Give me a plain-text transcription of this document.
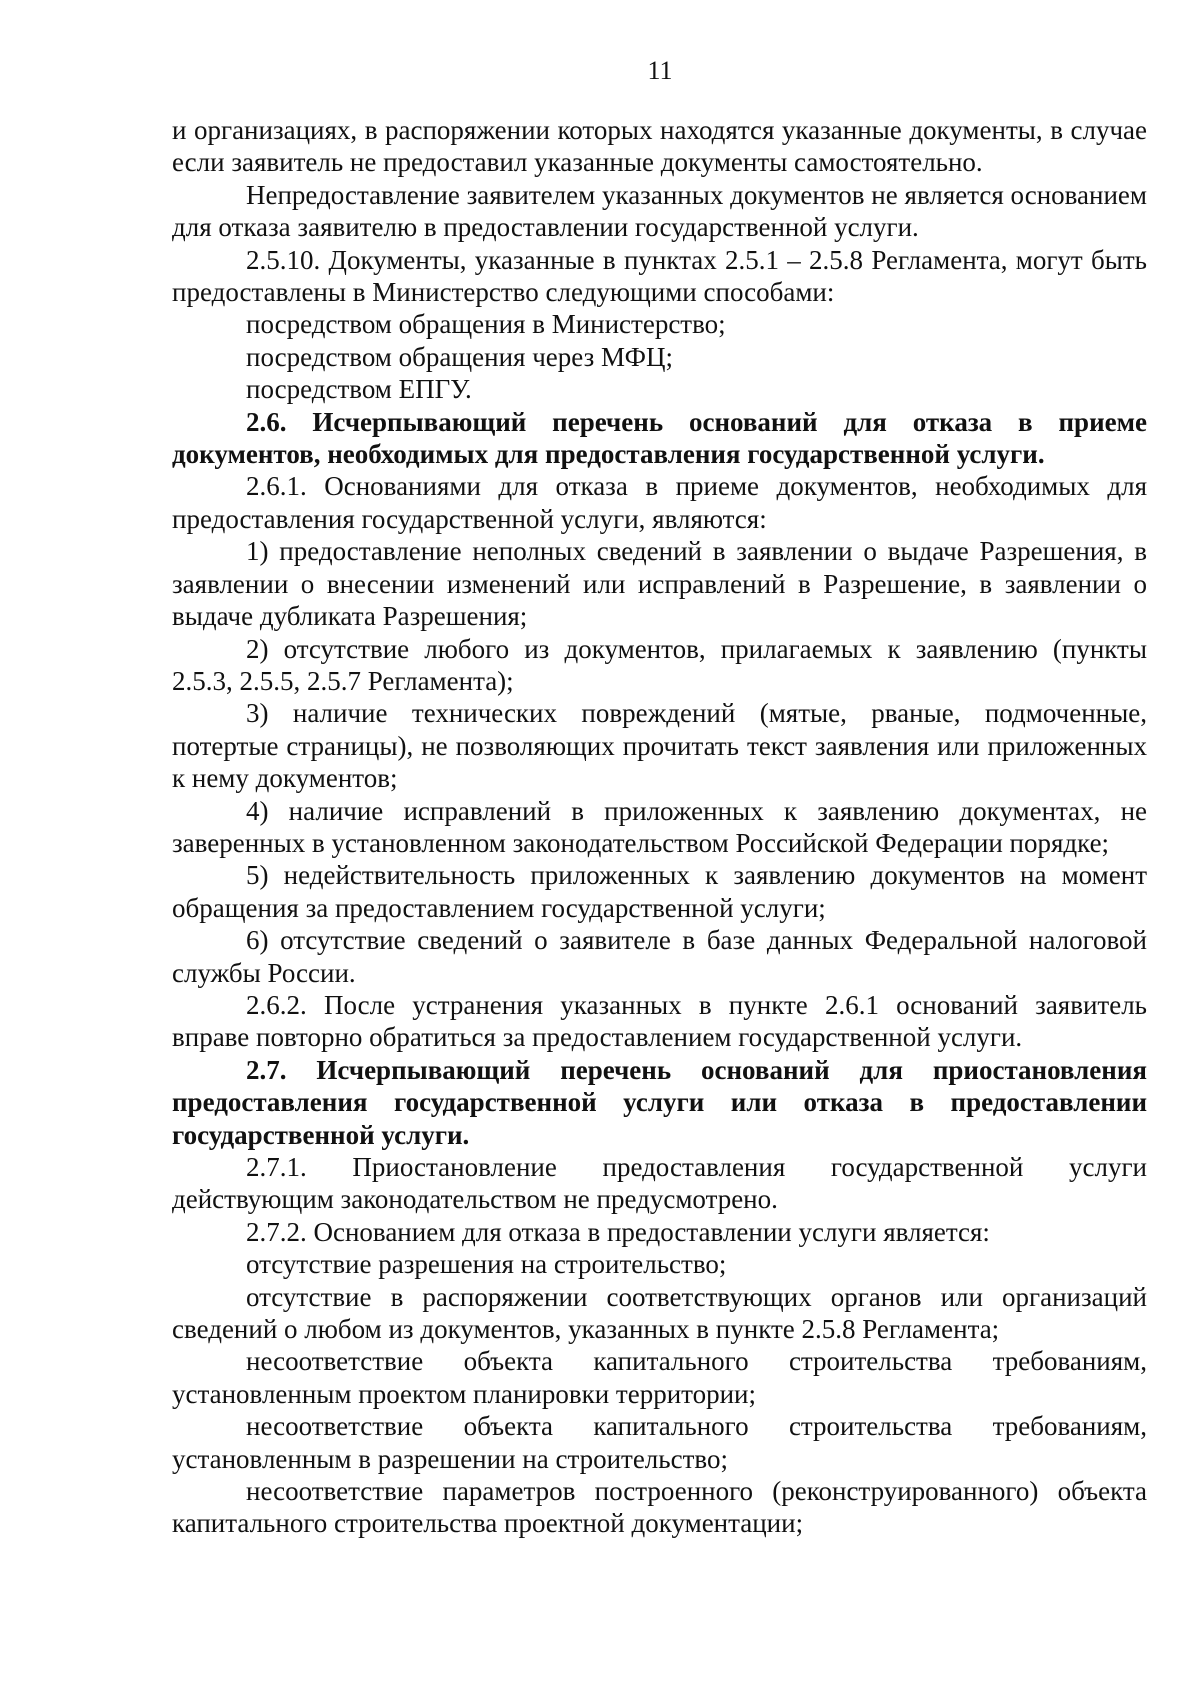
11

и организациях, в распоряжении которых находятся указанные документы, в случае если заявитель не предоставил указанные документы самостоятельно.

Непредоставление заявителем указанных документов не является основанием для отказа заявителю в предоставлении государственной услуги.

2.5.10. Документы, указанные в пунктах 2.5.1 – 2.5.8 Регламента, могут быть предоставлены в Министерство следующими способами:

посредством обращения в Министерство;

посредством обращения через МФЦ;

посредством ЕПГУ.

2.6. Исчерпывающий перечень оснований для отказа в приеме документов, необходимых для предоставления государственной услуги.

2.6.1. Основаниями для отказа в приеме документов, необходимых для предоставления государственной услуги, являются:

1) предоставление неполных сведений в заявлении о выдаче Разрешения, в заявлении о внесении изменений или исправлений в Разрешение, в заявлении о выдаче дубликата Разрешения;

2) отсутствие любого из документов, прилагаемых к заявлению (пункты 2.5.3, 2.5.5, 2.5.7 Регламента);

3) наличие технических повреждений (мятые, рваные, подмоченные, потертые страницы), не позволяющих прочитать текст заявления или приложенных к нему документов;

4) наличие исправлений в приложенных к заявлению документах, не заверенных в установленном законодательством Российской Федерации порядке;

5) недействительность приложенных к заявлению документов на момент обращения за предоставлением государственной услуги;

6) отсутствие сведений о заявителе в базе данных Федеральной налоговой службы России.

2.6.2. После устранения указанных в пункте 2.6.1 оснований заявитель вправе повторно обратиться за предоставлением государственной услуги.

2.7. Исчерпывающий перечень оснований для приостановления предоставления государственной услуги или отказа в предоставлении государственной услуги.

2.7.1. Приостановление предоставления государственной услуги действующим законодательством не предусмотрено.

2.7.2. Основанием для отказа в предоставлении услуги является:

отсутствие разрешения на строительство;

отсутствие в распоряжении соответствующих органов или организаций сведений о любом из документов, указанных в пункте 2.5.8 Регламента;

несоответствие объекта капитального строительства требованиям, установленным проектом планировки территории;

несоответствие объекта капитального строительства требованиям, установленным в разрешении на строительство;

несоответствие параметров построенного (реконструированного) объекта капитального строительства проектной документации;
